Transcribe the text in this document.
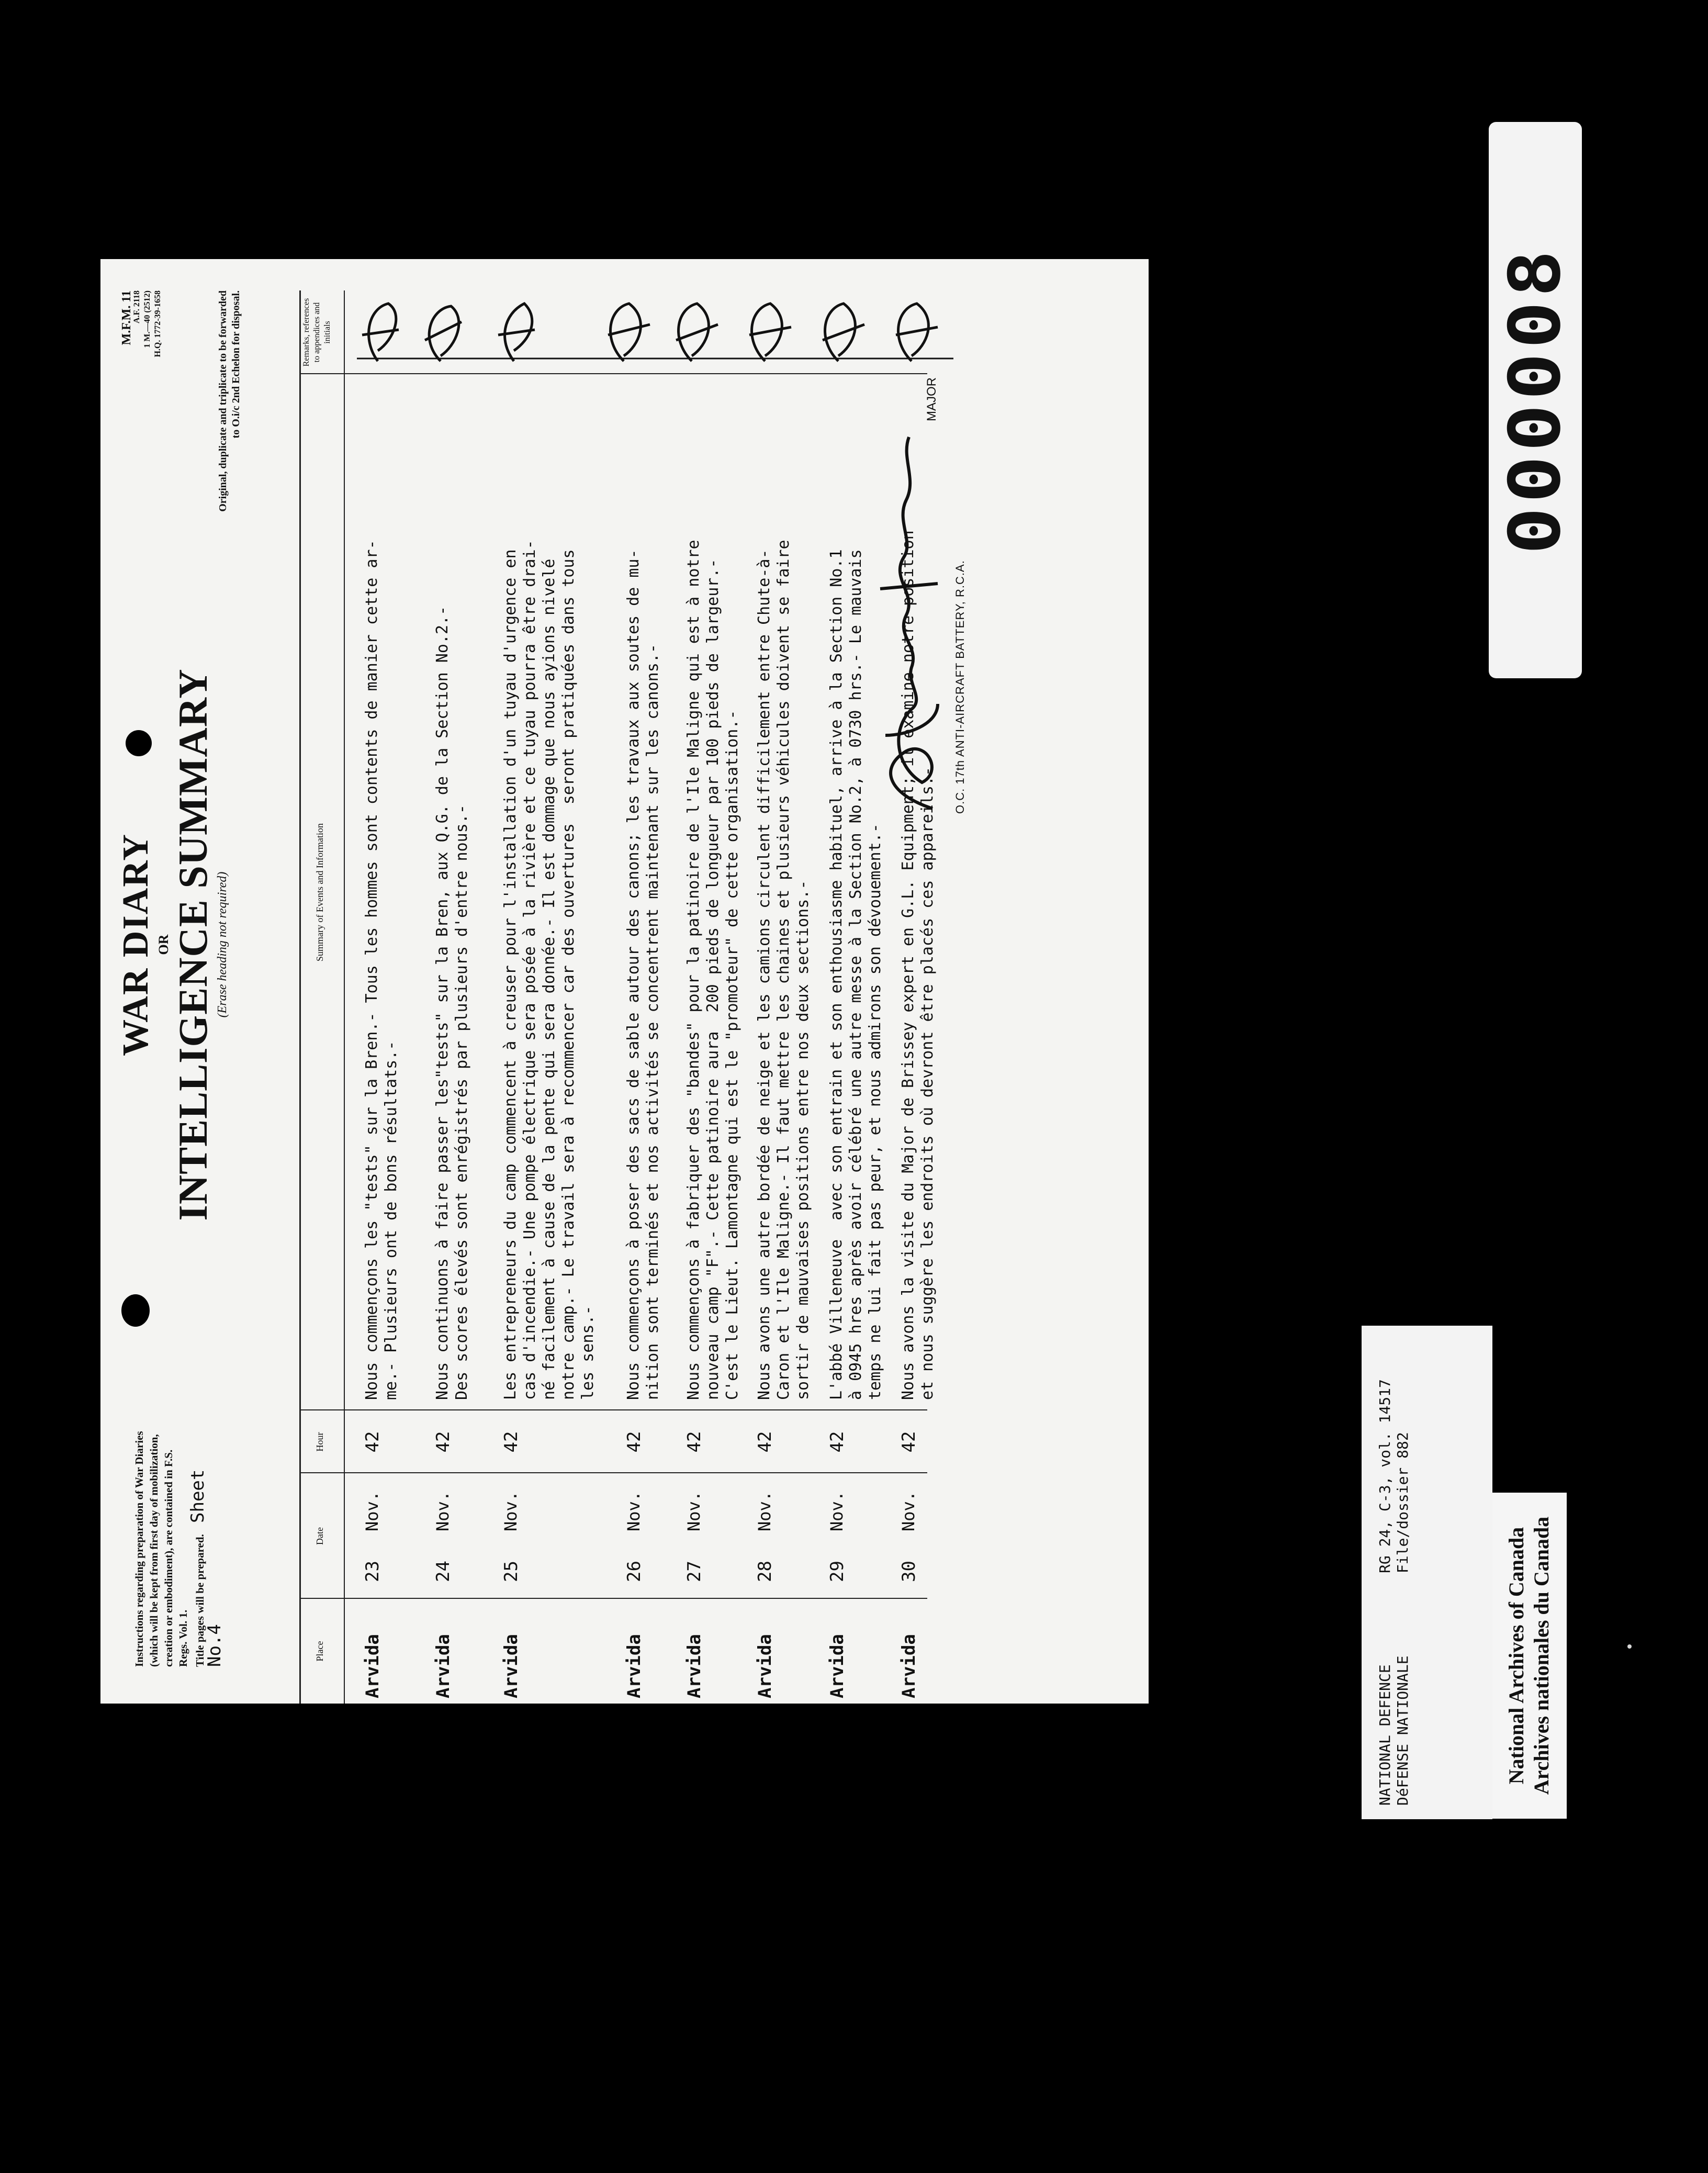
Instructions regarding preparation of War Diaries (which will be kept from first day of mobilization, creation or embodiment), are contained in F.S. Regs. Vol. 1. Title pages will be prepared. Sheet No.4
WAR DIARY OR
INTELLIGENCE SUMMARY (Erase heading not required)
M.F.M. 11
A.F. 2118 1 M.—40 (2512) H.Q. 1772-39-1658	Original, duplicate and triplicate to be forwarded to O.i/c 2nd Echelon for disposal.
Place
Date
Hour
Summary of Events and Information
Remarks, references to appendices and initials
Arvida
23
Nov.
42
Nous commençons les "tests" sur la Bren.- Tous les hommes sont contents de manier cette ar- me.- Plusieurs ont de bons résultats.-
Arvida
24
Nov.
42
Nous continuons à faire passer les"tests" sur la Bren, aux Q.G. de la Section No.2.- Des scores élevés sont enrégistrés par plusieurs d'entre nous.-
Arvida
25
Nov.
42
Les entrepreneurs du camp commencent à creuser pour l'installation d'un tuyau d'urgence en cas d'incendie.- Une pompe électrique sera posée à la rivière et ce tuyau pourra être drai- né facilement à cause de la pente qui sera donnée.- Il est dommage que nous ayions nivelé notre camp.- Le travail sera à recommencer car des ouvertures  seront pratiquées dans tous les sens.-
Arvida
26
Nov.
42
Nous commençons à poser des sacs de sable autour des canons; les travaux aux soutes de mu- nition sont terminés et nos activités se concentrent maintenant sur les canons.-
Arvida
27
Nov.
42
Nous commençons à fabriquer des "bandes" pour la patinoire de l'Ile Maligne qui est à notre nouveau camp "F".- Cette patinoire aura  200 pieds de longueur par 100 pieds de largeur.- C'est le Lieut. Lamontagne qui est le "promoteur" de cette organisation.-
Arvida
28
Nov.
42
Nous avons une autre bordée de neige et les camions circulent difficilement entre Chute-à- Caron et l'Ile Maligne.- Il faut mettre les chaines et plusieurs véhicules doivent se faire sortir de mauvaises positions entre nos deux sections.-
Arvida
29
Nov.
42
L'abbé Villeneuve  avec son entrain et son enthousiasme habituel, arrive à la Section No.1 à 0945 hres après avoir célébré une autre messe à la Section No.2, à 0730 hrs.- Le mauvais temps ne lui fait pas peur, et nous admirons son dévouement.-
Arvida
30
Nov.
42
Nous avons la visite du Major de Brissey expert en G.L. Equipment; il examine notre position et nous suggère les endroits où devront être placés ces appareils.-
O.C. 17th ANTI-AIRCRAFT BATTERY, R.C.A.
MAJOR	000008
NATIONAL DEFENCE DéFENSE NATIONALE
RG 24, C-3, vol. 14517 File/dossier 882
National Archives of Canada Archives nationales du Canada
